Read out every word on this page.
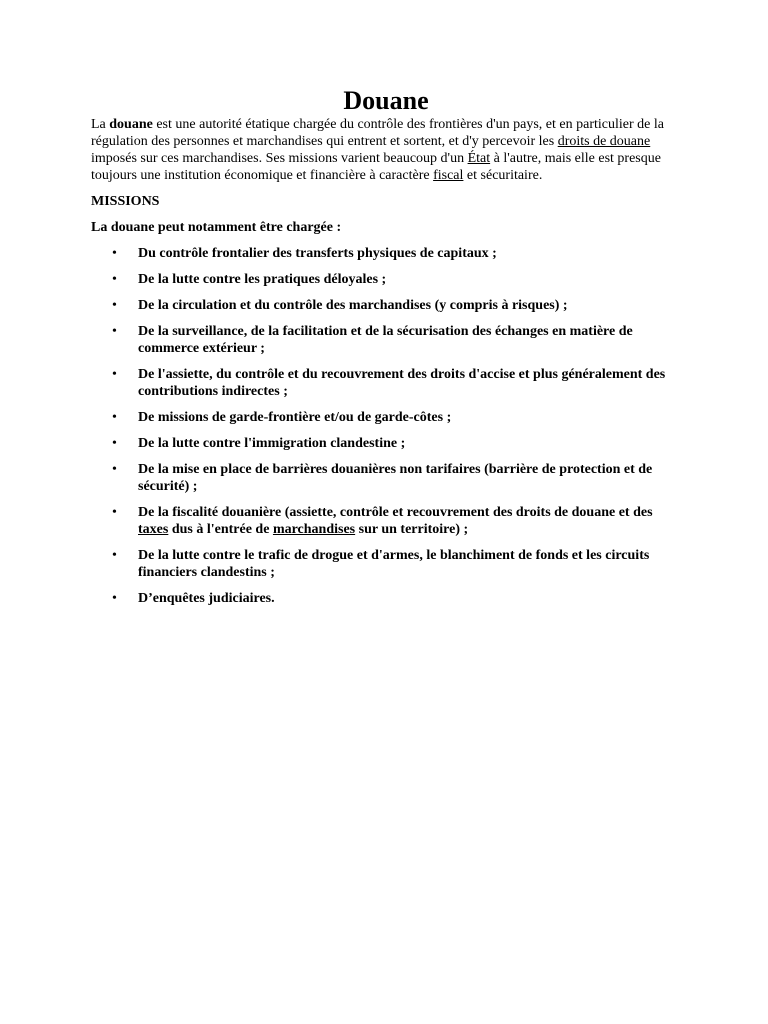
Douane

La douane est une autorité étatique chargée du contrôle des frontières d'un pays, et en particulier de la régulation des personnes et marchandises qui entrent et sortent, et d'y percevoir les droits de douane imposés sur ces marchandises. Ses missions varient beaucoup d'un État à l'autre, mais elle est presque toujours une institution économique et financière à caractère fiscal et sécuritaire.

MISSIONS

La douane peut notamment être chargée :

• Du contrôle frontalier des transferts physiques de capitaux ;
• De la lutte contre les pratiques déloyales ;
• De la circulation et du contrôle des marchandises (y compris à risques) ;
• De la surveillance, de la facilitation et de la sécurisation des échanges en matière de commerce extérieur ;
• De l'assiette, du contrôle et du recouvrement des droits d'accise et plus généralement des contributions indirectes ;
• De missions de garde-frontière et/ou de garde-côtes ;
• De la lutte contre l'immigration clandestine ;
• De la mise en place de barrières douanières non tarifaires (barrière de protection et de sécurité) ;
• De la fiscalité douanière (assiette, contrôle et recouvrement des droits de douane et des taxes dus à l'entrée de marchandises sur un territoire) ;
• De la lutte contre le trafic de drogue et d'armes, le blanchiment de fonds et les circuits financiers clandestins ;
• D’enquêtes judiciaires.
